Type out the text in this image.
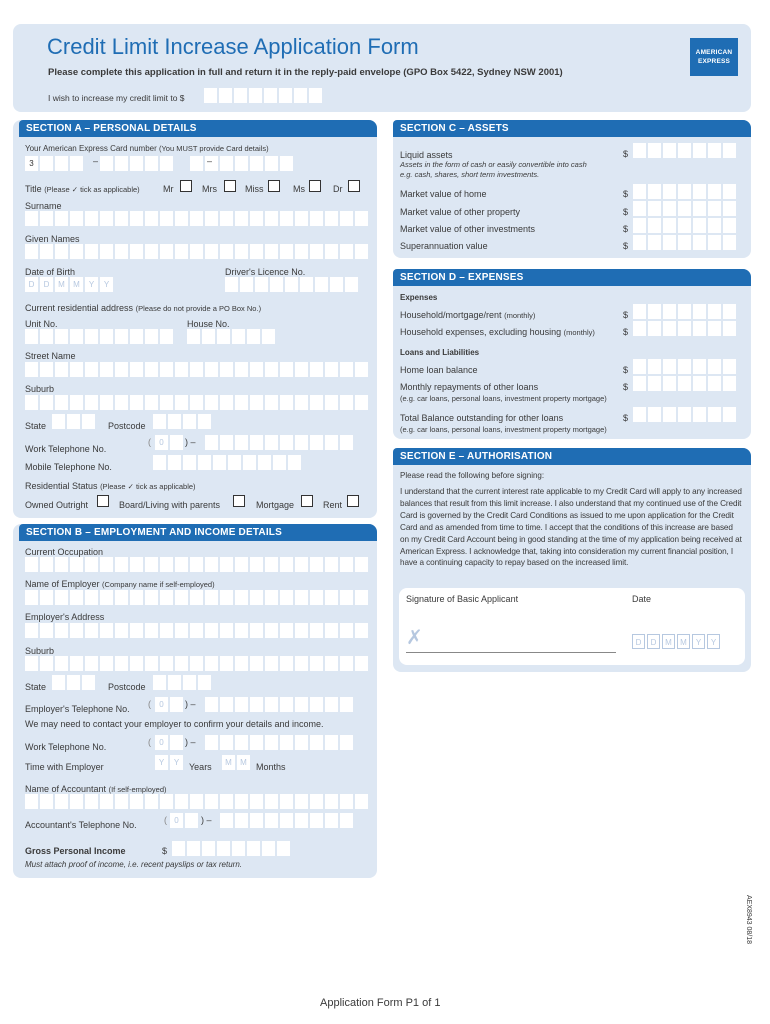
Credit Limit Increase Application Form	AMERICAN
EXPRESS
Please complete this application in full and return it in the reply-paid envelope (GPO Box 5422, Sydney NSW 2001)
I wish to increase my credit limit to $
SECTION A – PERSONAL DETAILS
Your American Express Card number (You MUST provide Card details)
3	–	–
Title (Please ✓ tick as applicable)	Mr	Mrs	Miss	Ms	Dr
Surname
Given Names
Date of Birth	Driver's Licence No.
D	D	M	M	Y	Y
Current residential address (Please do not provide a PO Box No.)
Unit No.	House No.
Street Name
Suburb
State	Postcode
Work Telephone No.
(	0	) –
Mobile Telephone No.
Residential Status (Please ✓ tick as applicable)
Owned Outright	Board/Living with parents	Mortgage	Rent
SECTION B – EMPLOYMENT AND INCOME DETAILS
Current Occupation
Name of Employer (Company name if self-employed)
Employer's Address
Suburb
State	Postcode
Employer's Telephone No. (	0	) –
We may need to contact your employer to confirm your details and income.
Work Telephone No.	(	0	) –
Time with Employer	Y	Y	Years	M	M	Months
Name of Accountant (If self-employed)
Accountant's Telephone No.	( 0	) –
Gross Personal Income	$
Must attach proof of income, i.e. recent payslips or tax return.
SECTION C – ASSETS
Liquid assets
Assets in the form of cash or easily convertible into cash
e.g. cash, shares, short term investments.
$
Market value of home	$
Market value of other property	$
Market value of other investments	$
Superannuation value	$
SECTION D – EXPENSES
Expenses
Household/mortgage/rent (monthly)	$
Household expenses, excluding housing (monthly)	$
Loans and Liabilities
Home loan balance	$
Monthly repayments of other loans
(e.g. car loans, personal loans, investment property mortgage)
$
Total Balance outstanding for other loans
(e.g. car loans, personal loans, investment property mortgage)
$
SECTION E – AUTHORISATION
Please read the following before signing:
I understand that the current interest rate applicable to my Credit Card will apply to any increased balances that result from this limit increase. I also understand that my continued use of the Credit Card is governed by the Credit Card Conditions as issued to me upon application for the Credit Card and as amended from time to time. I accept that the conditions of this increase are based on my Credit Card Account being in good standing at the time of my application being received at American Express. I acknowledge that, taking into consideration my current financial position, I have a continuing capacity to repay based on the increased limit.
Signature of Basic Applicant	Date
✗	D	D	M	M	Y	Y
AEX8943 08/18
Application Form P1 of 1
